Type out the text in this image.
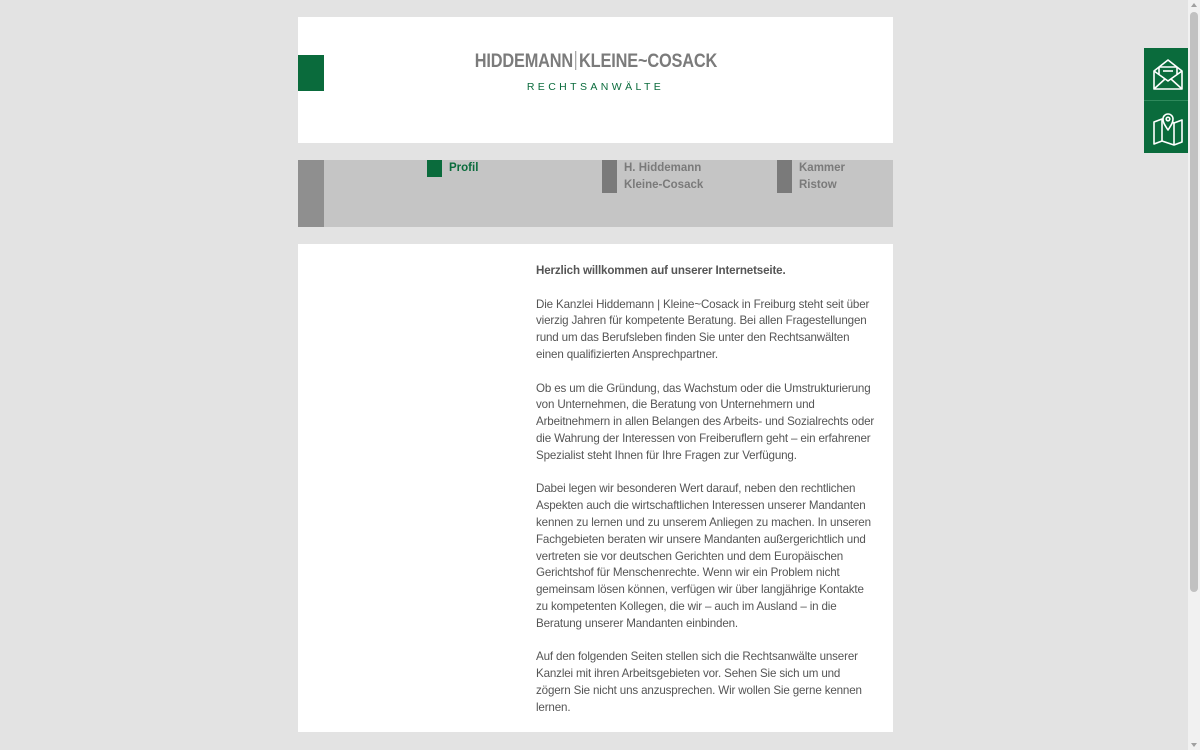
HIDDEMANN KLEINE~COSACK
RECHTSANWÄLTE
Profil	H. Hiddemann
Kleine-Cosack
Kammer
Ristow
Herzlich willkommen auf unserer Internetseite.

Die Kanzlei Hiddemann | Kleine~Cosack in Freiburg steht seit über vierzig Jahren für kompetente Beratung. Bei allen Fragestellungen rund um das Berufsleben finden Sie unter den Rechtsanwälten einen qualifizierten Ansprechpartner.

Ob es um die Gründung, das Wachstum oder die Umstrukturierung von Unternehmen, die Beratung von Unternehmern und Arbeitnehmern in allen Belangen des Arbeits- und Sozialrechts oder die Wahrung der Interessen von Freiberuflern geht – ein erfahrener Spezialist steht Ihnen für Ihre Fragen zur Verfügung.

Dabei legen wir besonderen Wert darauf, neben den rechtlichen Aspekten auch die wirtschaftlichen Interessen unserer Mandanten kennen zu lernen und zu unserem Anliegen zu machen. In unseren Fachgebieten beraten wir unsere Mandanten außergerichtlich und vertreten sie vor deutschen Gerichten und dem Europäischen Gerichtshof für Menschenrechte. Wenn wir ein Problem nicht gemeinsam lösen können, verfügen wir über langjährige Kontakte zu kompetenten Kollegen, die wir – auch im Ausland – in die Beratung unserer Mandanten einbinden.

Auf den folgenden Seiten stellen sich die Rechtsanwälte unserer Kanzlei mit ihren Arbeitsgebieten vor. Sehen Sie sich um und zögern Sie nicht uns anzusprechen. Wir wollen Sie gerne kennen lernen.
